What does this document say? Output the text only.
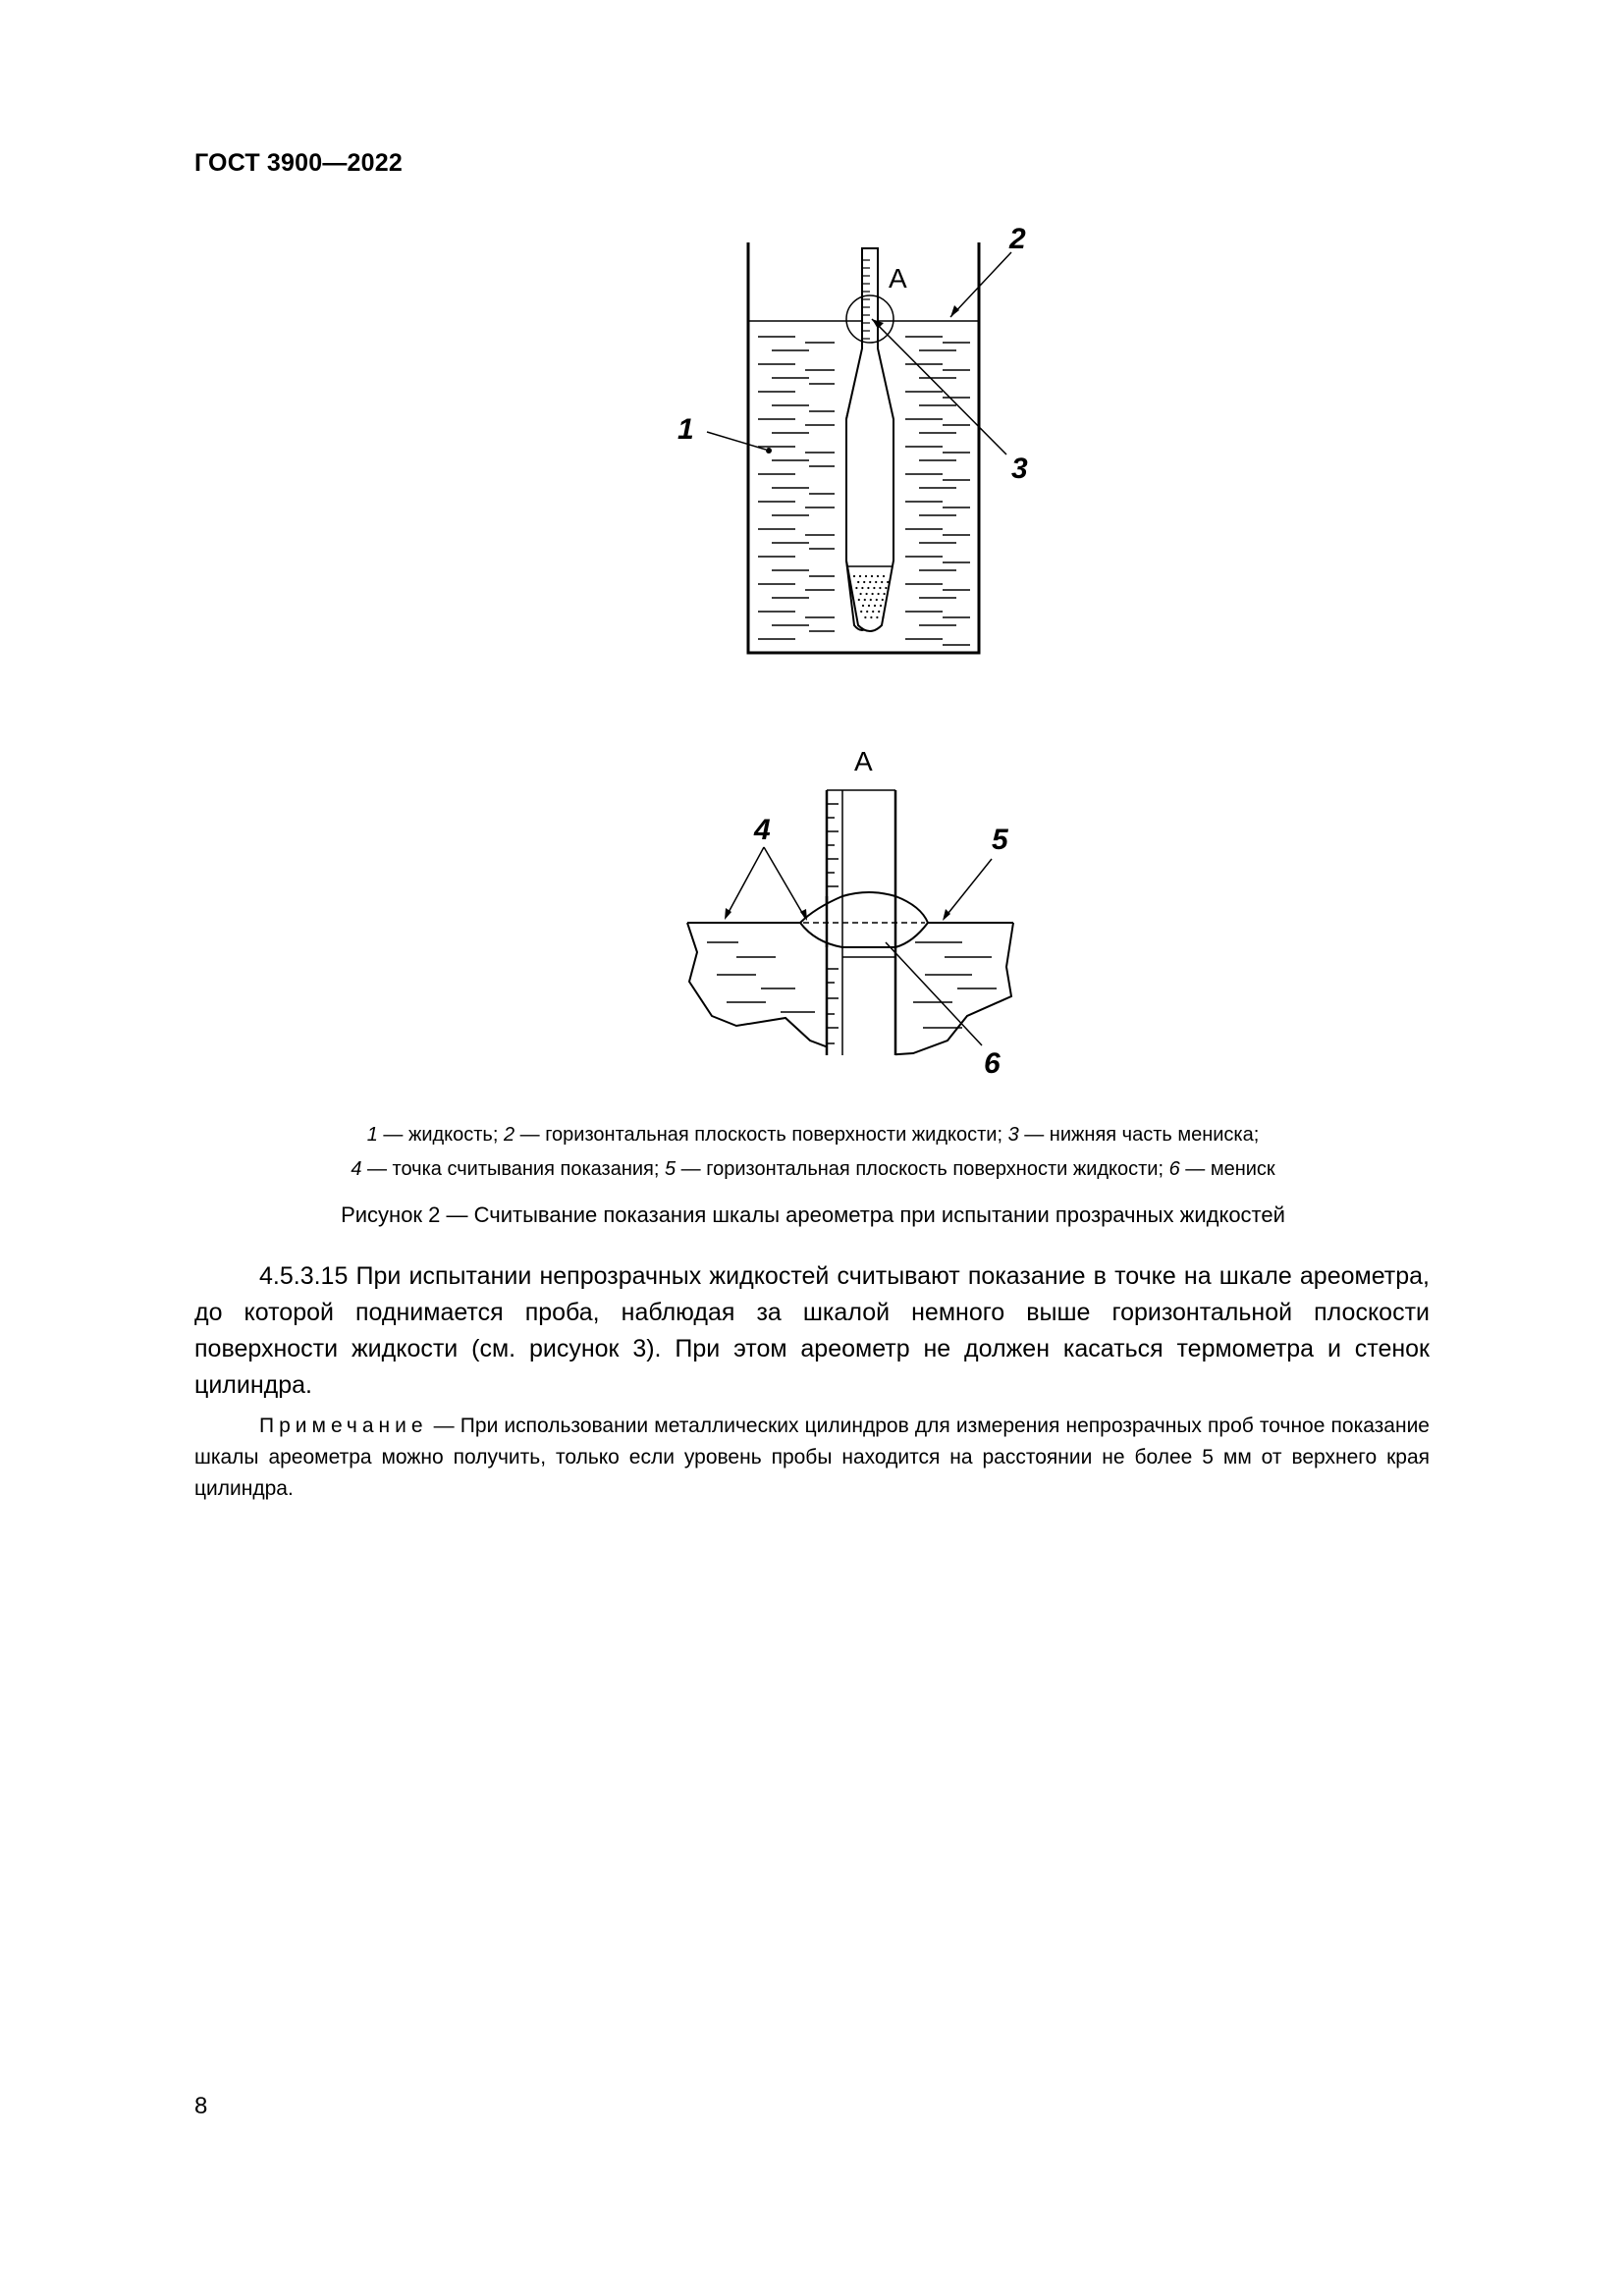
ГОСТ 3900—2022
A
2
3
1
A
4	5
6
1 — жидкость; 2 — горизонтальная плоскость поверхности жидкости; 3 — нижняя часть мениска;
4 — точка считывания показания; 5 — горизонтальная плоскость поверхности жидкости; 6 — мениск
Рисунок 2 — Считывание показания шкалы ареометра при испытании прозрачных жидкостей

4.5.3.15 При испытании непрозрачных жидкостей считывают показание в точке на шкале ареометра, до которой поднимается проба, наблюдая за шкалой немного выше горизонтальной плоскости поверхности жидкости (см. рисунок 3). При этом ареометр не должен касаться термометра и стенок цилиндра.

Примечание — При использовании металлических цилиндров для измерения непрозрачных проб точное показание шкалы ареометра можно получить, только если уровень пробы находится на расстоянии не более 5 мм от верхнего края цилиндра.

8
